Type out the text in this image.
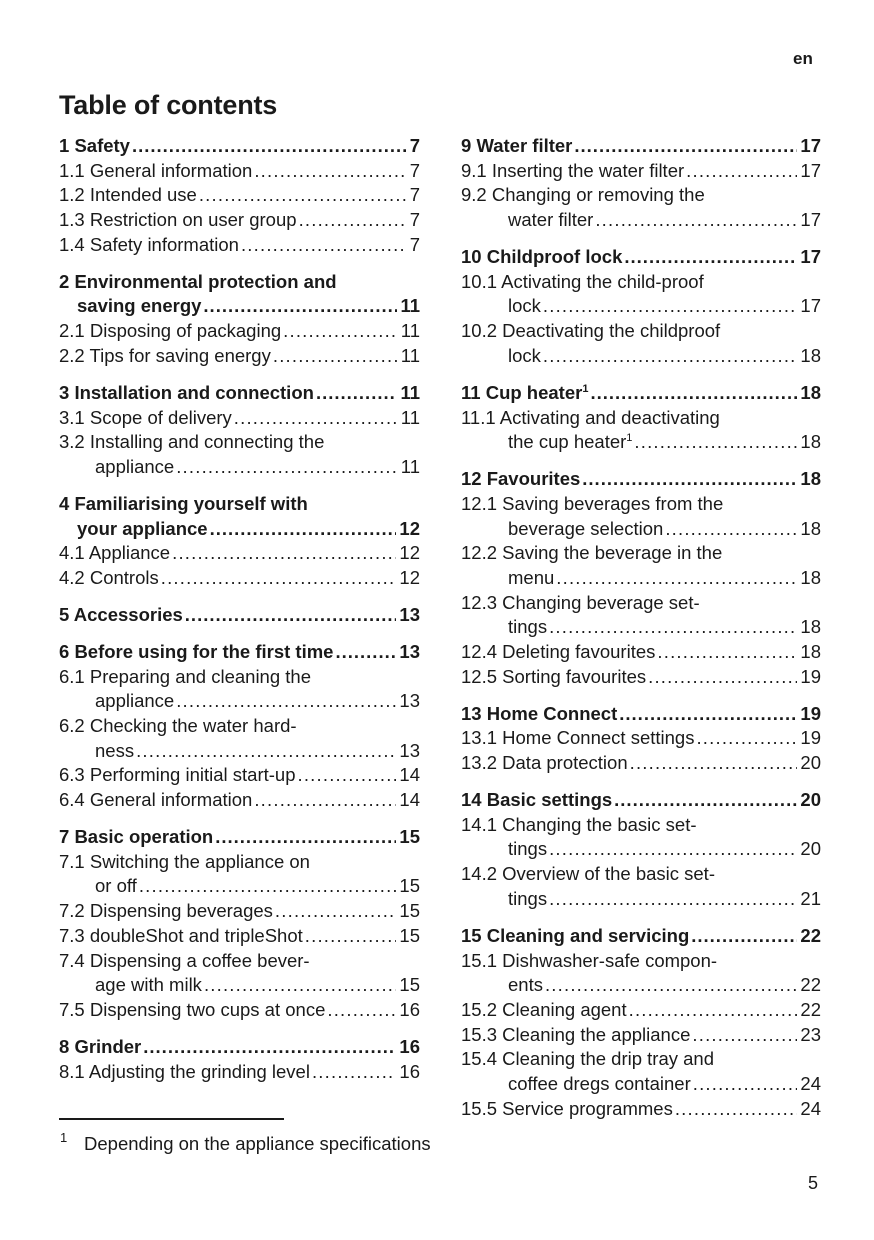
en
Table of contents
1 Safety .....	7
1.1 General information .....	7
1.2 Intended use .....	7
1.3 Restriction on user group .....	7
1.4 Safety information .....	7
2 Environmental protection and
saving energy .....	11
2.1 Disposing of packaging .....	11
2.2 Tips for saving energy .....	11
3 Installation and connection .....	11
3.1 Scope of delivery .....	11
3.2 Installing and connecting the
appliance .....	11
4 Familiarising yourself with
your appliance .....	12
4.1 Appliance .....	12
4.2 Controls .....	12
5 Accessories .....	13
6 Before using for the first time .....	13
6.1 Preparing and cleaning the
appliance .....	13
6.2 Checking the water hard-
ness .....	13
6.3 Performing initial start-up .....	14
6.4 General information .....	14
7 Basic operation .....	15
7.1 Switching the appliance on
or off .....	15
7.2 Dispensing beverages .....	15
7.3 doubleShot and tripleShot .....	15
7.4 Dispensing a coffee bever-
age with milk .....	15
7.5 Dispensing two cups at once .....	16
8 Grinder .....	16
8.1 Adjusting the grinding level .....	16
9 Water filter .....	17
9.1 Inserting the water filter .....	17
9.2 Changing or removing the
water filter .....	17
10 Childproof lock .....	17
10.1 Activating the child-proof
lock .....	17
10.2 Deactivating the childproof
lock .....	18
11 Cup heater$^1$ .....	18
11.1 Activating and deactivating
the cup heater$^1$ .....	18
12 Favourites .....	18
12.1 Saving beverages from the
beverage selection .....	18
12.2 Saving the beverage in the
menu .....	18
12.3 Changing beverage set-
tings .....	18
12.4 Deleting favourites .....	18
12.5 Sorting favourites .....	19
13 Home Connect .....	19
13.1 Home Connect settings .....	19
13.2 Data protection .....	20
14 Basic settings .....	20
14.1 Changing the basic set-
tings .....	20
14.2 Overview of the basic set-
tings .....	21
15 Cleaning and servicing .....	22
15.1 Dishwasher-safe compon-
ents .....	22
15.2 Cleaning agent .....	22
15.3 Cleaning the appliance .....	23
15.4 Cleaning the drip tray and
coffee dregs container .....	24
15.5 Service programmes .....	24
1 Depending on the appliance specifications
5
